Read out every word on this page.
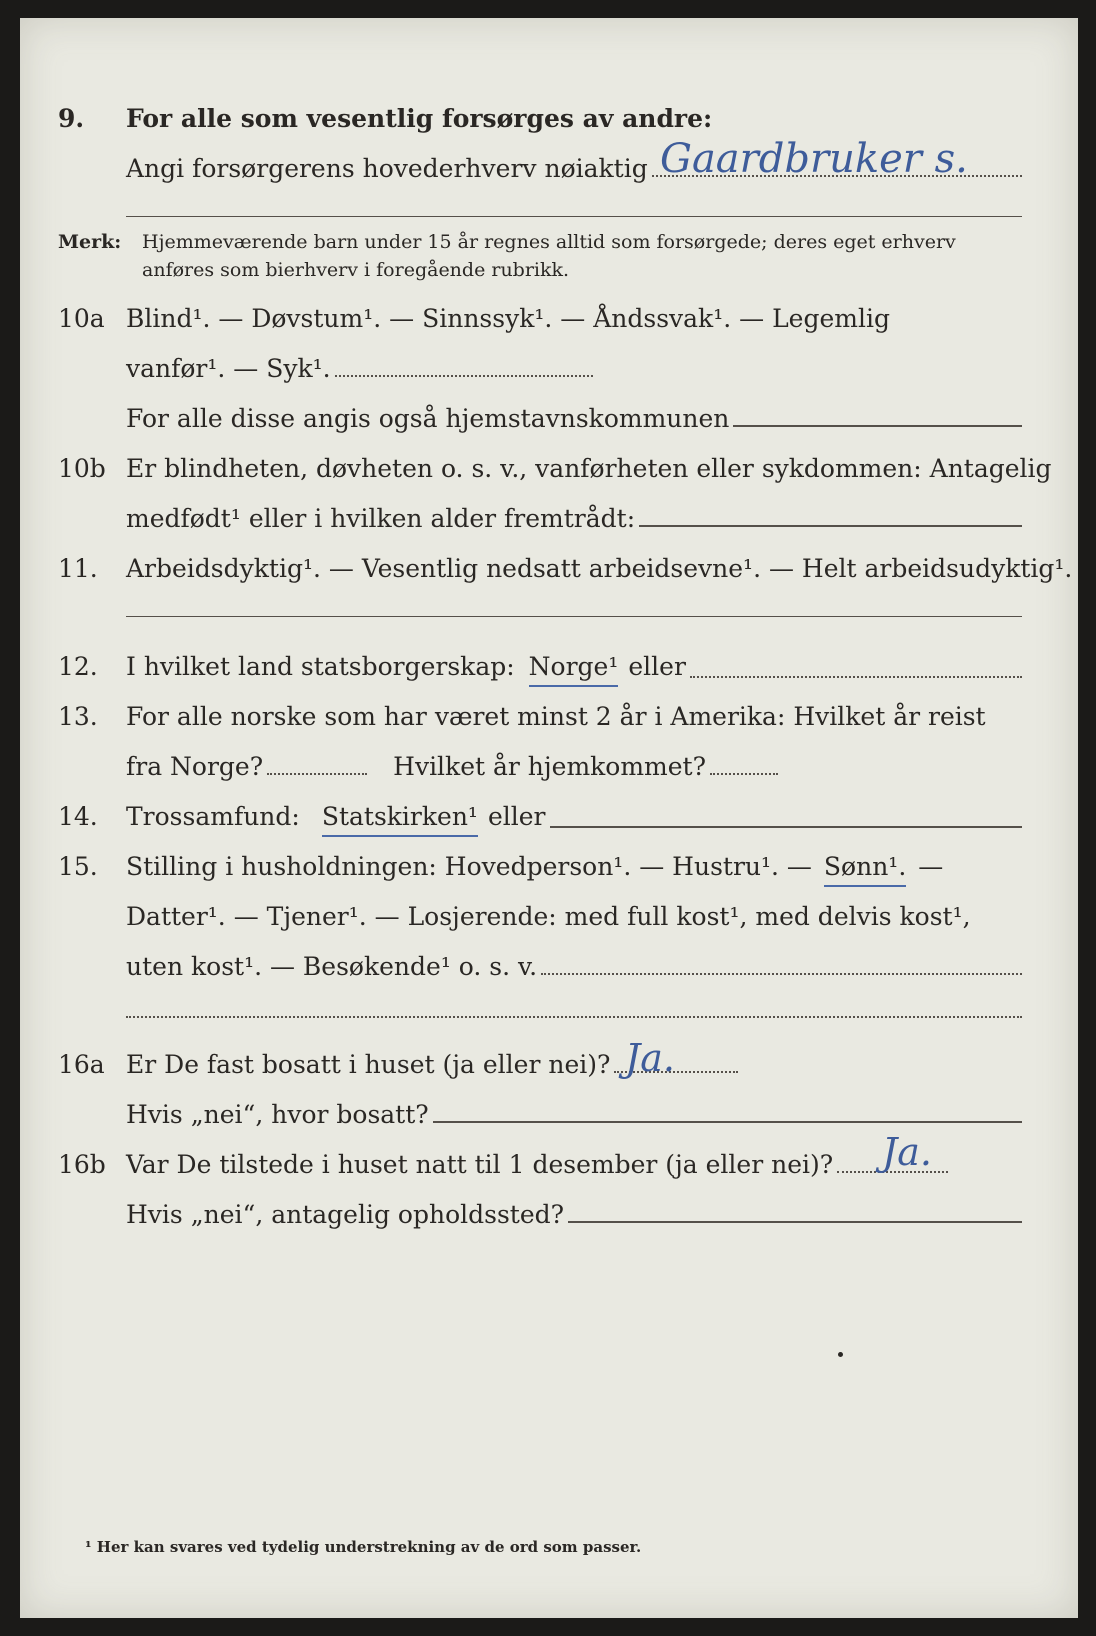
9. For alle som vesentlig forsørges av andre:
Angi forsørgerens hovederhverv nøiaktig Gaardbruker s.
Merk: Hjemmeværende barn under 15 år regnes alltid som forsørgede; deres eget erhverv
anføres som bierhverv i foregående rubrikk.
10a Blind¹. — Døvstum¹. — Sinnssyk¹. — Åndssvak¹. — Legemlig
vanfør¹. — Syk¹.
For alle disse angis også hjemstavnskommunen
10b Er blindheten, døvheten o. s. v., vanførheten eller sykdommen: Antagelig
medfødt¹ eller i hvilken alder fremtrådt:
11. Arbeidsdyktig¹. — Vesentlig nedsatt arbeidsevne¹. — Helt arbeidsudyktig¹.
12. I hvilket land statsborgerskap: Norge¹ eller
13. For alle norske som har været minst 2 år i Amerika: Hvilket år reist
fra Norge?	Hvilket år hjemkommet?
14. Trossamfund: Statskirken¹ eller
15. Stilling i husholdningen: Hovedperson¹. — Hustru¹. — Sønn¹. —
Datter¹. — Tjener¹. — Losjerende: med full kost¹, med delvis kost¹,
uten kost¹. — Besøkende¹ o. s. v.
16a Er De fast bosatt i huset (ja eller nei)? Ja.
Hvis „nei“, hvor bosatt?
16b Var De tilstede i huset natt til 1 desember (ja eller nei)? Ja.
Hvis „nei“, antagelig opholdssted?
¹ Her kan svares ved tydelig understrekning av de ord som passer.
